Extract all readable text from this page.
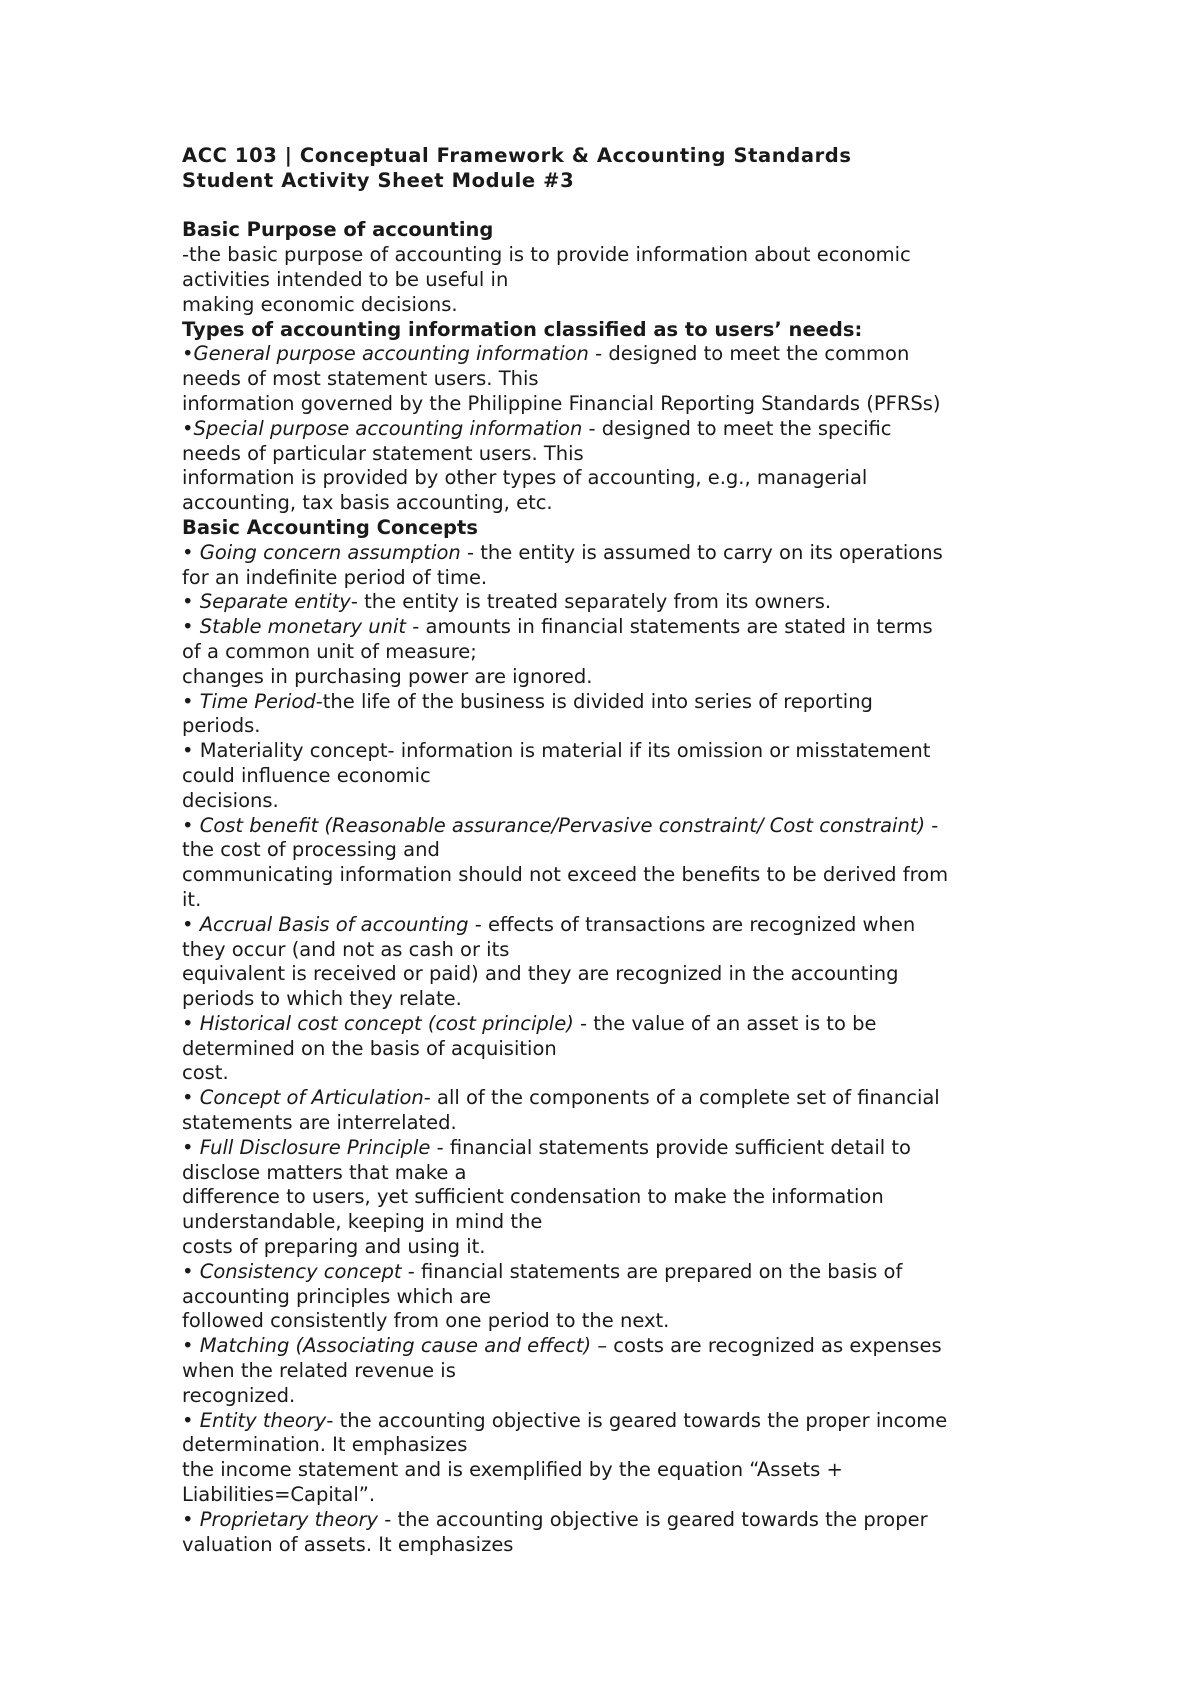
ACC 103 | Conceptual Framework & Accounting Standards
Student Activity Sheet Module #3
Basic Purpose of accounting
-the basic purpose of accounting is to provide information about economic
activities intended to be useful in
making economic decisions.
Types of accounting information classified as to users’ needs:
•General purpose accounting information - designed to meet the common
needs of most statement users. This
information governed by the Philippine Financial Reporting Standards (PFRSs)
•Special purpose accounting information - designed to meet the specific
needs of particular statement users. This
information is provided by other types of accounting, e.g., managerial
accounting, tax basis accounting, etc.
Basic Accounting Concepts
• Going concern assumption - the entity is assumed to carry on its operations
for an indefinite period of time.
• Separate entity- the entity is treated separately from its owners.
• Stable monetary unit - amounts in financial statements are stated in terms
of a common unit of measure;
changes in purchasing power are ignored.
• Time Period-the life of the business is divided into series of reporting
periods.
• Materiality concept- information is material if its omission or misstatement
could influence economic
decisions.
• Cost benefit (Reasonable assurance/Pervasive constraint/ Cost constraint) -
the cost of processing and
communicating information should not exceed the benefits to be derived from
it.
• Accrual Basis of accounting - effects of transactions are recognized when
they occur (and not as cash or its
equivalent is received or paid) and they are recognized in the accounting
periods to which they relate.
• Historical cost concept (cost principle) - the value of an asset is to be
determined on the basis of acquisition
cost.
• Concept of Articulation- all of the components of a complete set of financial
statements are interrelated.
• Full Disclosure Principle - financial statements provide sufficient detail to
disclose matters that make a
difference to users, yet sufficient condensation to make the information
understandable, keeping in mind the
costs of preparing and using it.
• Consistency concept - financial statements are prepared on the basis of
accounting principles which are
followed consistently from one period to the next.
• Matching (Associating cause and effect) – costs are recognized as expenses
when the related revenue is
recognized.
• Entity theory- the accounting objective is geared towards the proper income
determination. It emphasizes
the income statement and is exemplified by the equation “Assets +
Liabilities=Capital”.
• Proprietary theory - the accounting objective is geared towards the proper
valuation of assets. It emphasizes
